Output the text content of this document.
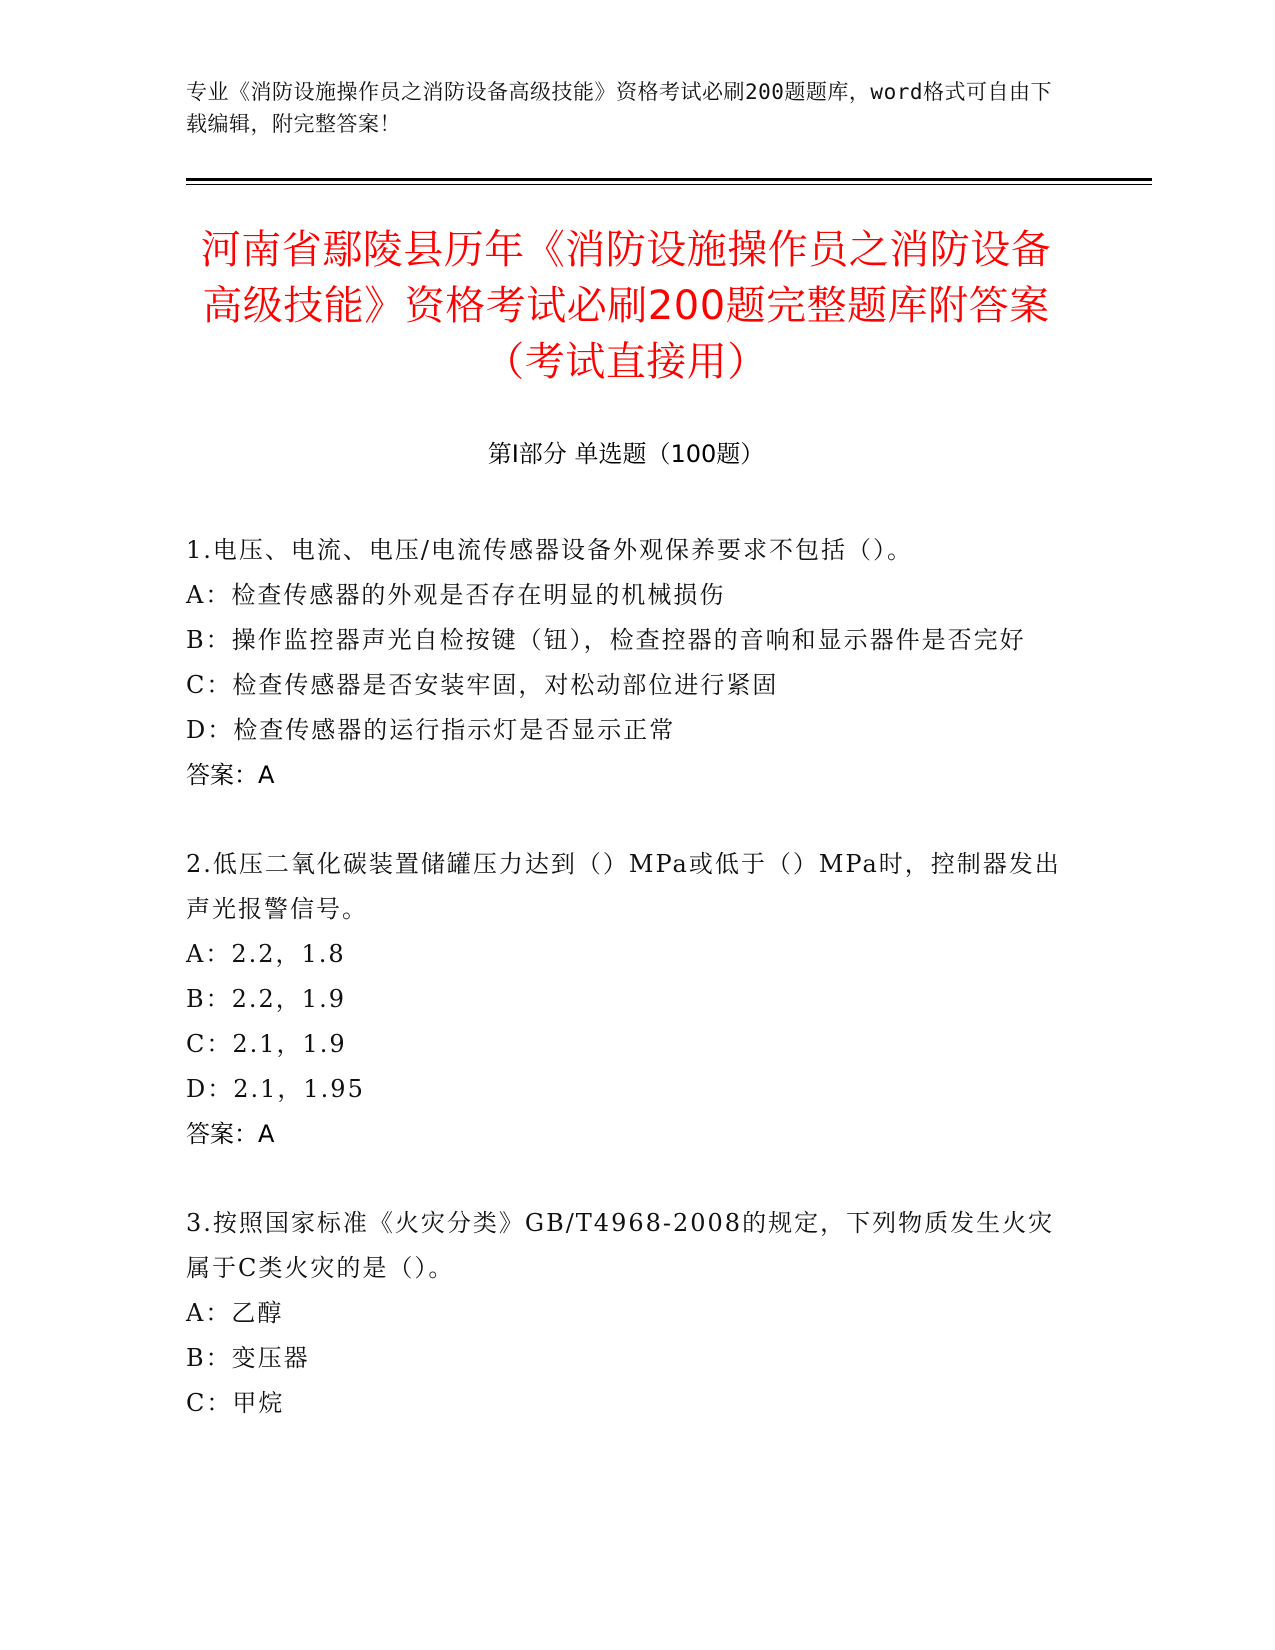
专业《消防设施操作员之消防设备高级技能》资格考试必刷200题题库，word格式可自由下载编辑，附完整答案！
河南省鄢陵县历年《消防设施操作员之消防设备高级技能》资格考试必刷200题完整题库附答案（考试直接用）
第Ⅰ部分 单选题（100题）
1.电压、电流、电压/电流传感器设备外观保养要求不包括（）。
A：检查传感器的外观是否存在明显的机械损伤
B：操作监控器声光自检按键（钮），检查控器的音响和显示器件是否完好
C：检查传感器是否安装牢固，对松动部位进行紧固
D：检查传感器的运行指示灯是否显示正常
答案：A
2.低压二氧化碳装置储罐压力达到（）MPa或低于（）MPa时，控制器发出声光报警信号。
A：2.2，1.8
B：2.2，1.9
C：2.1，1.9
D：2.1，1.95
答案：A
3.按照国家标准《火灾分类》GB/T4968-2008的规定，下列物质发生火灾属于C类火灾的是（）。
A：乙醇
B：变压器
C：甲烷
